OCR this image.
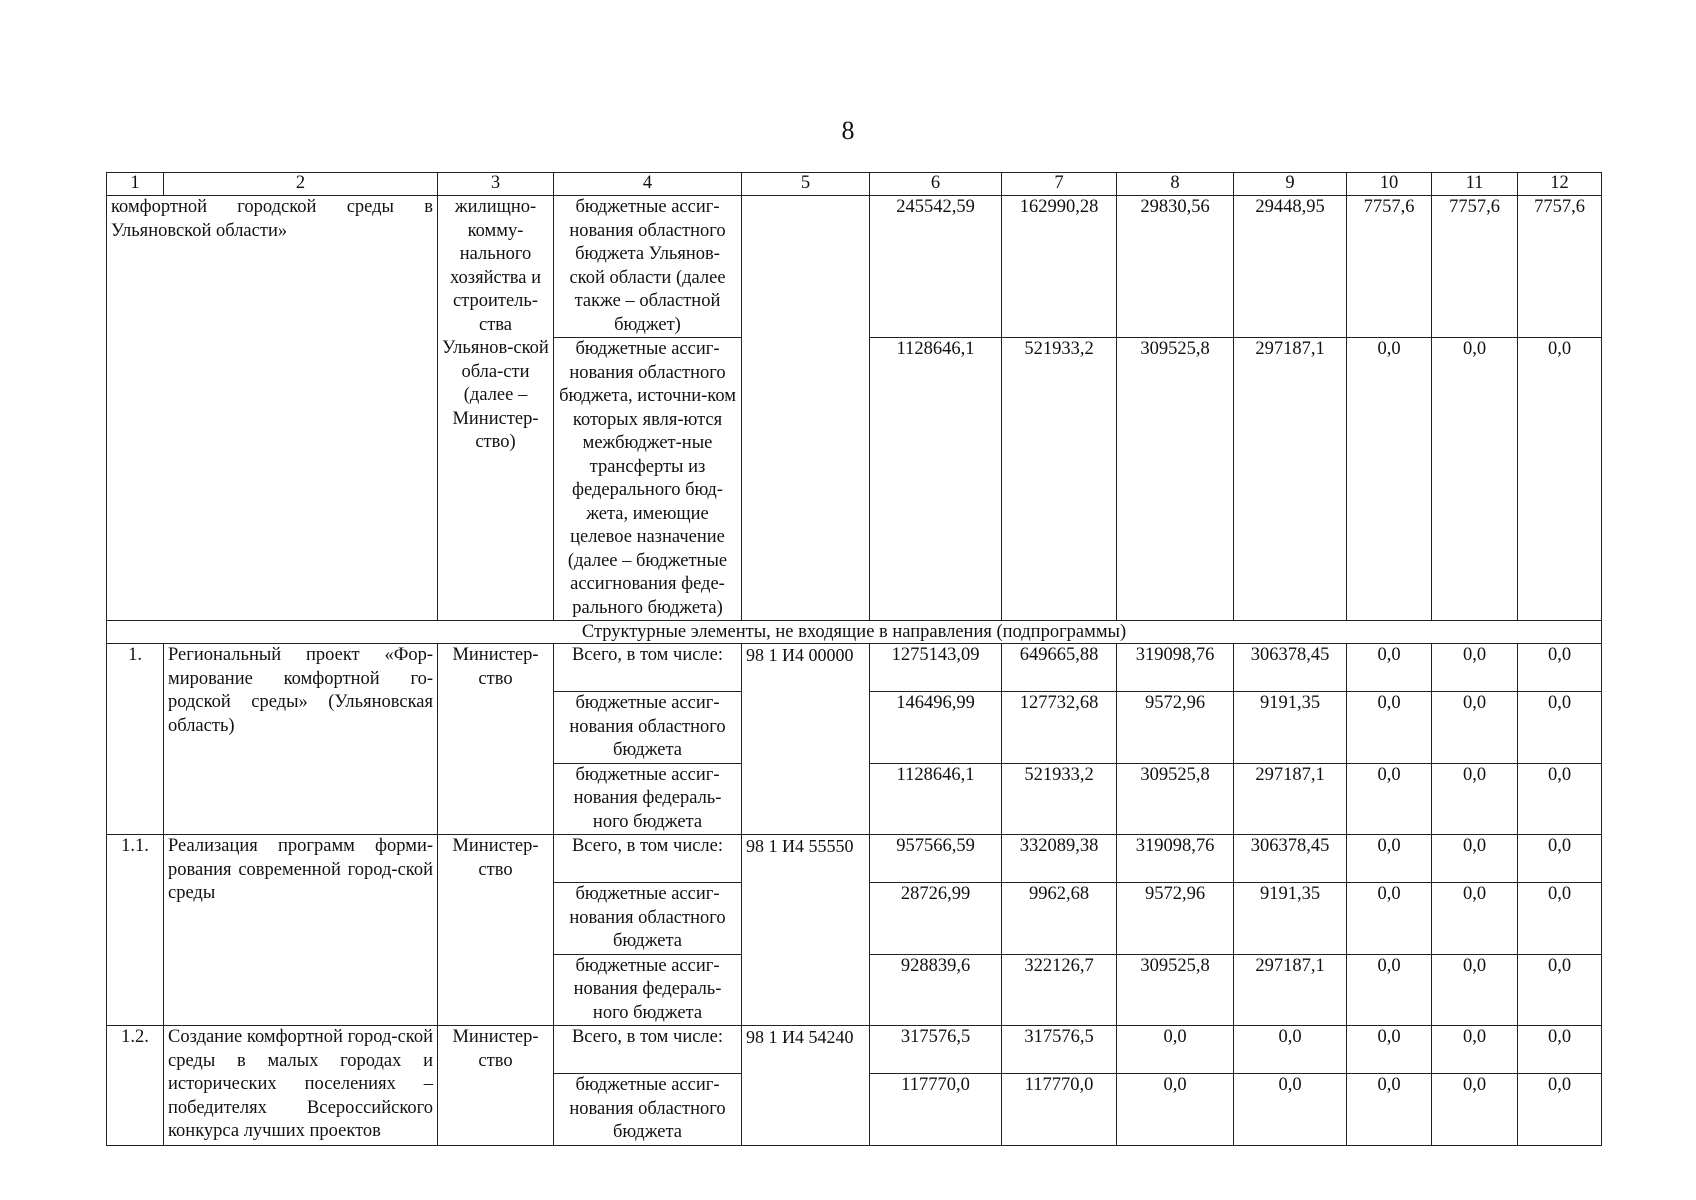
8
1	2	3	4	5	6	7	8	9	10	11	12
комфортной городской среды в Ульяновской области»		жилищно-комму-нального хозяйства и строитель-ства Ульянов-ской обла-сти (далее – Министер-ство)	бюджетные ассиг-нования областного бюджета Ульянов-ской области (далее также – областной бюджет)		245542,59	162990,28	29830,56	29448,95	7757,6	7757,6	7757,6
			бюджетные ассиг-нования областного бюджета, источни-ком которых явля-ются межбюджет-ные трансферты из федерального бюд-жета, имеющие целевое назначение (далее – бюджетные ассигнования феде-рального бюджета)		1128646,1	521933,2	309525,8	297187,1	0,0	0,0	0,0
Структурные элементы, не входящие в направления (подпрограммы)											
1.	Региональный проект «Фор-мирование комфортной го-родской среды» (Ульяновская область)	Министер-ство	Всего, в том числе:	98 1 И4 00000	1275143,09	649665,88	319098,76	306378,45	0,0	0,0	0,0
			бюджетные ассиг-нования областного бюджета		146496,99	127732,68	9572,96	9191,35	0,0	0,0	0,0
			бюджетные ассиг-нования федераль-ного бюджета		1128646,1	521933,2	309525,8	297187,1	0,0	0,0	0,0
1.1.	Реализация программ форми-рования современной город-ской среды	Министер-ство	Всего, в том числе:	98 1 И4 55550	957566,59	332089,38	319098,76	306378,45	0,0	0,0	0,0
			бюджетные ассиг-нования областного бюджета		28726,99	9962,68	9572,96	9191,35	0,0	0,0	0,0
			бюджетные ассиг-нования федераль-ного бюджета		928839,6	322126,7	309525,8	297187,1	0,0	0,0	0,0
1.2.	Создание комфортной город-ской среды в малых городах и исторических поселениях – победителях Всероссийского конкурса лучших проектов	Министер-ство	Всего, в том числе:	98 1 И4 54240	317576,5	317576,5	0,0	0,0	0,0	0,0	0,0
			бюджетные ассиг-нования областного бюджета		117770,0	117770,0	0,0	0,0	0,0	0,0	0,0
